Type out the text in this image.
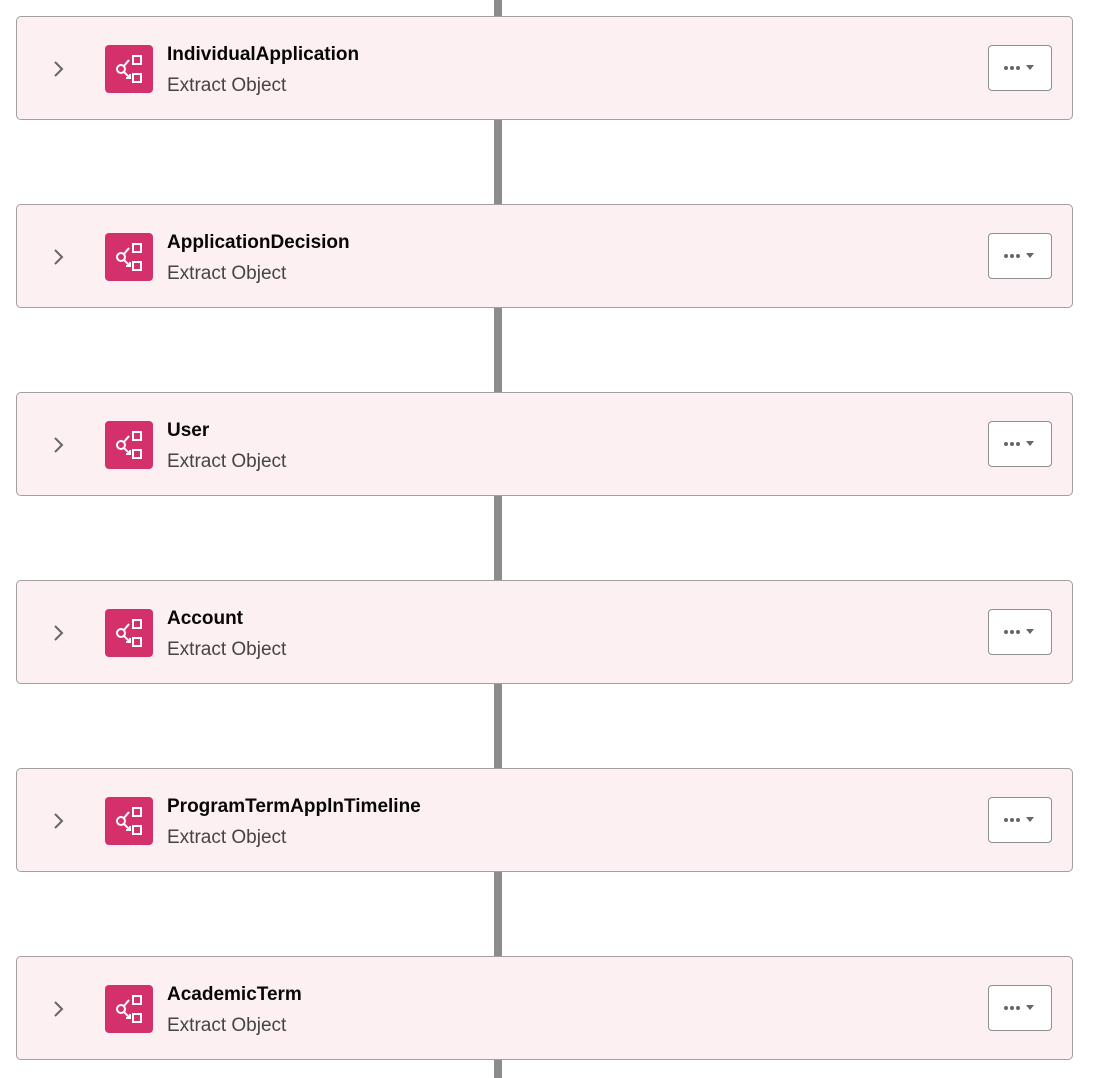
IndividualApplication
Extract Object
ApplicationDecision
Extract Object
User
Extract Object
Account
Extract Object
ProgramTermApplnTimeline
Extract Object
AcademicTerm
Extract Object
